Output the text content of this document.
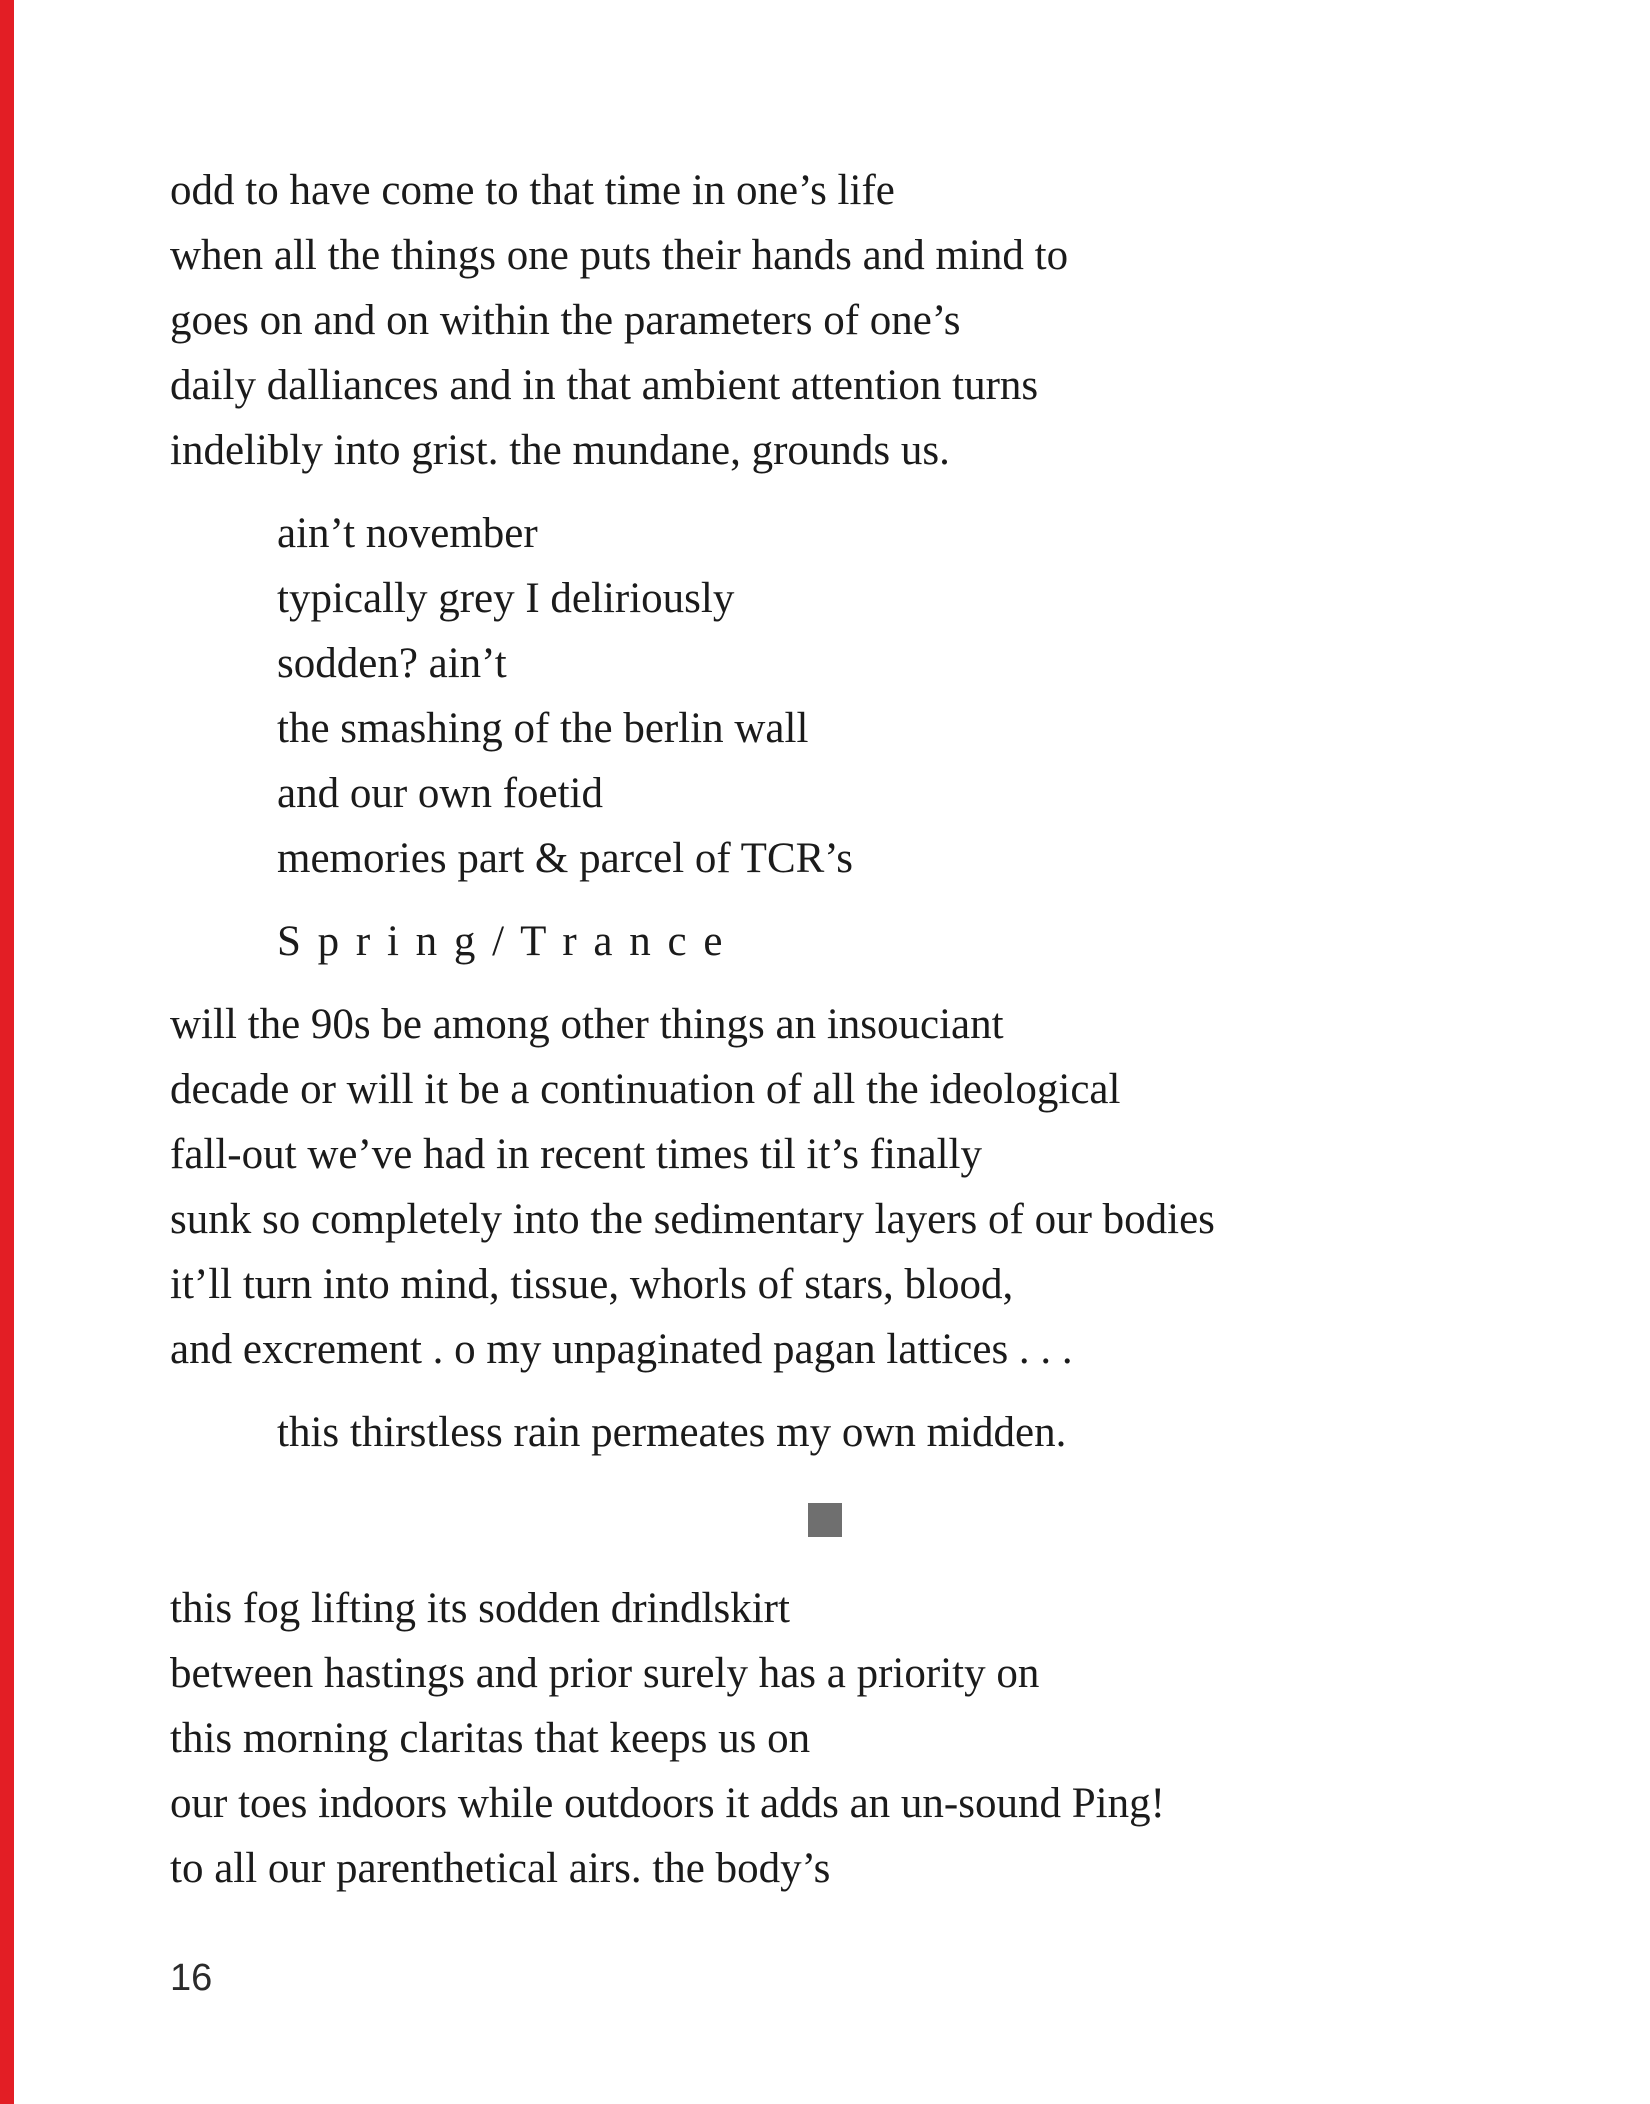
odd to have come to that time in one’s life
when all the things one puts their hands and mind to
goes on and on within the parameters of one’s
daily dalliances and in that ambient attention turns
indelibly into grist. the mundane, grounds us.
ain’t november
typically grey I deliriously
sodden? ain’t
the smashing of the berlin wall
and our own foetid
memories part & parcel of TCR’s
S p r i n g / T r a n c e
will the 90s be among other things an insouciant
decade or will it be a continuation of all the ideological
fall-out we’ve had in recent times til it’s finally
sunk so completely into the sedimentary layers of our bodies
it’ll turn into mind, tissue, whorls of stars, blood,
and excrement . o my unpaginated pagan lattices . . .
this thirstless rain permeates my own midden.
this fog lifting its sodden drindlskirt
between hastings and prior surely has a priority on
this morning claritas that keeps us on
our toes indoors while outdoors it adds an un-sound Ping!
to all our parenthetical airs. the body’s
16
